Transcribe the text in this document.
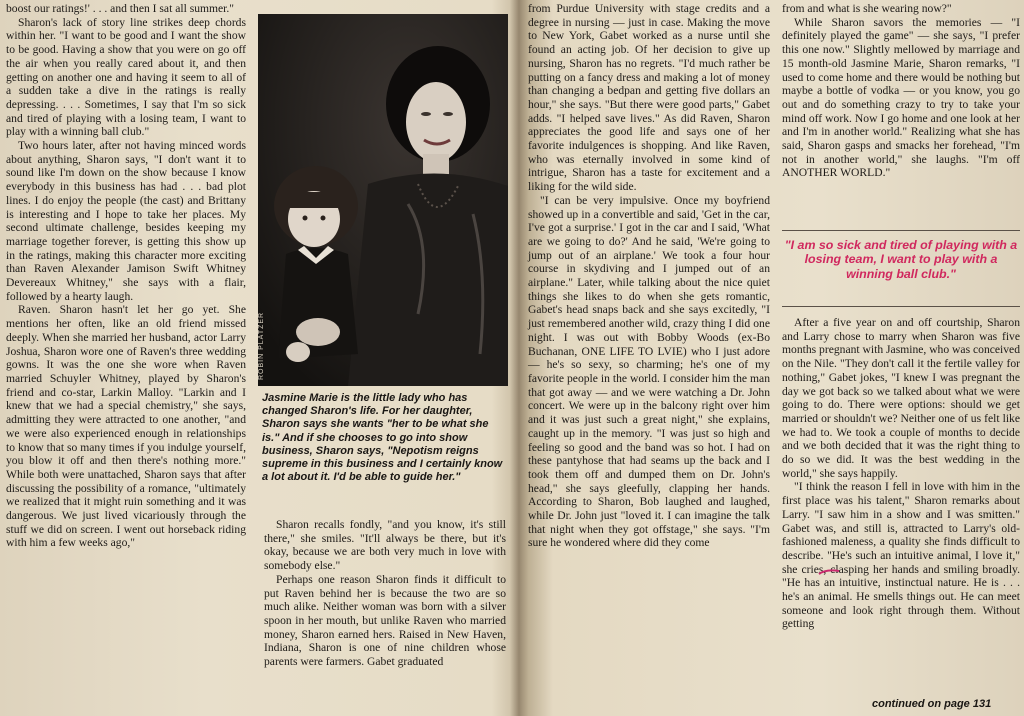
boost our ratings!' . . . and then I sat all summer."

Sharon's lack of story line strikes deep chords within her. "I want to be good and I want the show to be good. Having a show that you were on go off the air when you really cared about it, and then getting on another one and having it seem to all of a sudden take a dive in the ratings is really depressing. . . . Sometimes, I say that I'm so sick and tired of playing with a losing team, I want to play with a winning ball club."

Two hours later, after not having minced words about anything, Sharon says, "I don't want it to sound like I'm down on the show because I know everybody in this business has had . . . bad plot lines. I do enjoy the people (the cast) and Brittany is interesting and I hope to take her places. My second ultimate challenge, besides keeping my marriage together forever, is getting this show up in the ratings, making this character more exciting than Raven Alexander Jamison Swift Whitney Devereaux Whitney," she says with a flair, followed by a hearty laugh.

Raven. Sharon hasn't let her go yet. She mentions her often, like an old friend missed deeply. When she married her husband, actor Larry Joshua, Sharon wore one of Raven's three wedding gowns. It was the one she wore when Raven married Schuyler Whitney, played by Sharon's friend and co-star, Larkin Malloy. "Larkin and I knew that we had a special chemistry," she says, admitting they were attracted to one another, "and we were also experienced enough in relationships to know that so many times if you indulge yourself, you blow it off and then there's nothing more." While both were unattached, Sharon says that after discussing the possibility of a romance, "ultimately we realized that it might ruin something and it was dangerous. We just lived vicariously through the stuff we did on screen. I went out horseback riding with him a few weeks ago,"

ROBIN PLATZER
Jasmine Marie is the little lady who has changed Sharon's life. For her daughter, Sharon says she wants "her to be what she is." And if she chooses to go into show business, Sharon says, "Nepotism reigns supreme in this business and I certainly know a lot about it. I'd be able to guide her."

Sharon recalls fondly, "and you know, it's still there," she smiles. "It'll always be there, but it's okay, because we are both very much in love with somebody else."

Perhaps one reason Sharon finds it difficult to put Raven behind her is because the two are so much alike. Neither woman was born with a silver spoon in her mouth, but unlike Raven who married money, Sharon earned hers. Raised in New Haven, Indiana, Sharon is one of nine children whose parents were farmers. Gabet graduated

from Purdue University with stage credits and a degree in nursing — just in case. Making the move to New York, Gabet worked as a nurse until she found an acting job. Of her decision to give up nursing, Sharon has no regrets. "I'd much rather be putting on a fancy dress and making a lot of money than changing a bedpan and getting five dollars an hour," she says. "But there were good parts," Gabet adds. "I helped save lives." As did Raven, Sharon appreciates the good life and says one of her favorite indulgences is shopping. And like Raven, who was eternally involved in some kind of intrigue, Sharon has a taste for excitement and a liking for the wild side.

"I can be very impulsive. Once my boyfriend showed up in a convertible and said, 'Get in the car, I've got a surprise.' I got in the car and I said, 'What are we going to do?' And he said, 'We're going to jump out of an airplane.' We took a four hour course in skydiving and I jumped out of an airplane." Later, while talking about the nice quiet things she likes to do when she gets romantic, Gabet's head snaps back and she says excitedly, "I just remembered another wild, crazy thing I did one night. I was out with Bobby Woods (ex-Bo Buchanan, ONE LIFE TO LVIE) who I just adore — he's so sexy, so charming; he's one of my favorite people in the world. I consider him the man that got away — and we were watching a Dr. John concert. We were up in the balcony right over him and it was just such a great night," she explains, caught up in the memory. "I was just so high and feeling so good and the band was so hot. I had on these pantyhose that had seams up the back and I took them off and dumped them on Dr. John's head," she says gleefully, clapping her hands. According to Sharon, Bob laughed and laughed, while Dr. John just "loved it. I can imagine the talk that night when they got offstage," she says. "I'm sure he wondered where did they come

from and what is she wearing now?"

While Sharon savors the memories — "I definitely played the game" — she says, "I prefer this one now." Slightly mellowed by marriage and 15 month-old Jasmine Marie, Sharon remarks, "I used to come home and there would be nothing but maybe a bottle of vodka — or you know, you go out and do something crazy to try to take your mind off work. Now I go home and one look at her and I'm in another world." Realizing what she has said, Sharon gasps and smacks her forehead, "I'm not in another world," she laughs. "I'm off ANOTHER WORLD."

"I am so sick and tired of playing with a losing team, I want to play with a winning ball club."

After a five year on and off courtship, Sharon and Larry chose to marry when Sharon was five months pregnant with Jasmine, who was conceived on the Nile. "They don't call it the fertile valley for nothing," Gabet jokes, "I knew I was pregnant the day we got back so we talked about what we were going to do. There were options: should we get married or shouldn't we? Neither one of us felt like we had to. We took a couple of months to decide and we both decided that it was the right thing to do so we did. It was the best wedding in the world," she says happily.

"I think the reason I fell in love with him in the first place was his talent," Sharon remarks about Larry. "I saw him in a show and I was smitten." Gabet was, and still is, attracted to Larry's old-fashioned maleness, a quality she finds difficult to describe. "He's such an intuitive animal, I love it," she cries, clasping her hands and smiling broadly. "He has an intuitive, instinctual nature. He is . . . he's an animal. He smells things out. He can meet someone and look right through them. Without getting

continued on page 131
